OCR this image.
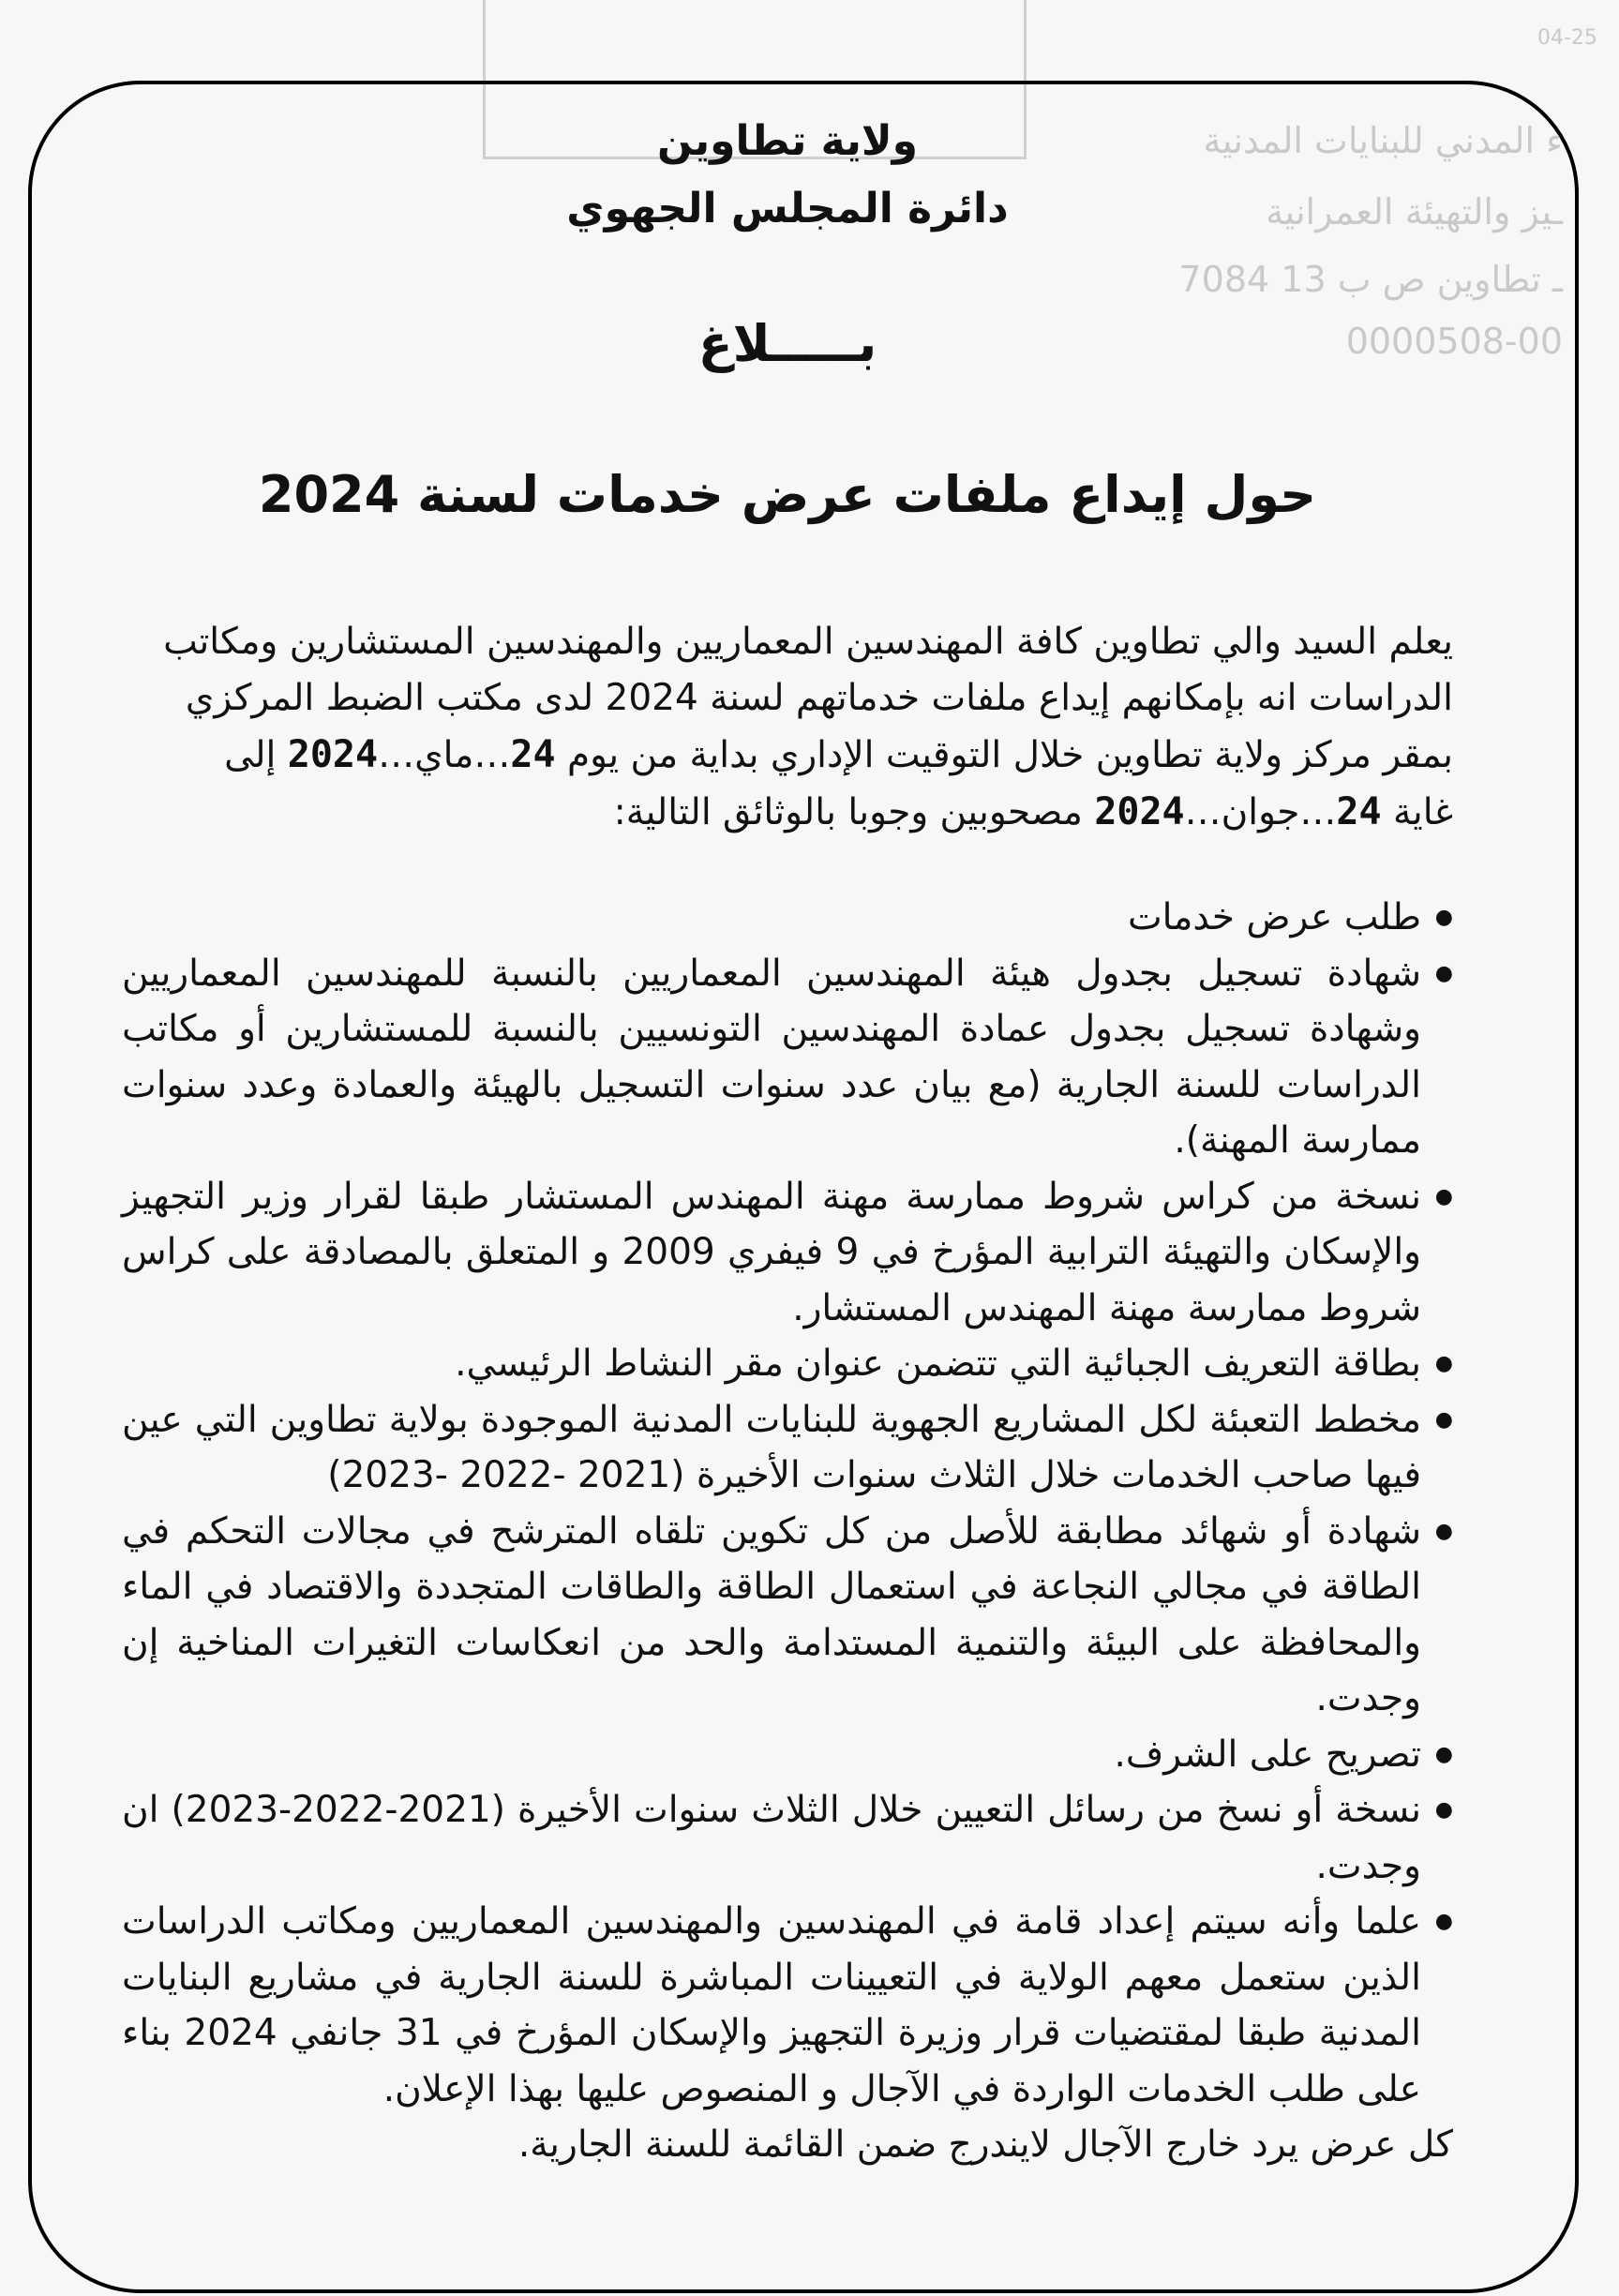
04-25
ء المدني للبنايات المدنية
ـيز والتهيئة العمرانية
ـ تطاوين ص ب 13 7084
0000508-00
ولاية تطاوين
دائرة المجلس الجهوي
بـــــلاغ
حول إيداع ملفات عرض خدمات لسنة 2024

يعلم السيد والي تطاوين كافة المهندسين المعماريين والمهندسين المستشارين ومكاتب

الدراسات انه بإمكانهم إيداع ملفات خدماتهم لسنة 2024 لدى مكتب الضبط المركزي

بمقر مركز ولاية تطاوين خلال التوقيت الإداري بداية من يوم 24…ماي…2024 إلى

غاية 24…جوان…2024 مصحوبين وجوبا بالوثائق التالية:

● طلب عرض خدمات
● شهادة تسجيل بجدول هيئة المهندسين المعماريين بالنسبة للمهندسين المعماريين وشهادة تسجيل بجدول عمادة المهندسين التونسيين بالنسبة للمستشارين أو مكاتب الدراسات للسنة الجارية (مع بيان عدد سنوات التسجيل بالهيئة والعمادة وعدد سنوات ممارسة المهنة).
● نسخة من كراس شروط ممارسة مهنة المهندس المستشار طبقا لقرار وزير التجهيز والإسكان والتهيئة الترابية المؤرخ في 9 فيفري 2009 و المتعلق بالمصادقة على كراس شروط ممارسة مهنة المهندس المستشار.
● بطاقة التعريف الجبائية التي تتضمن عنوان مقر النشاط الرئيسي.
● مخطط التعبئة لكل المشاريع الجهوية للبنايات المدنية الموجودة بولاية تطاوين التي عين فيها صاحب الخدمات خلال الثلاث سنوات الأخيرة (2021 -2022 -2023)
● شهادة أو شهائد مطابقة للأصل من كل تكوين تلقاه المترشح في مجالات التحكم في الطاقة في مجالي النجاعة في استعمال الطاقة والطاقات المتجددة والاقتصاد في الماء والمحافظة على البيئة والتنمية المستدامة والحد من انعكاسات التغيرات المناخية إن وجدت.
● تصريح على الشرف.
● نسخة أو نسخ من رسائل التعيين خلال الثلاث سنوات الأخيرة (2021-2022-2023) ان وجدت.
● علما وأنه سيتم إعداد قامة في المهندسين والمهندسين المعماريين ومكاتب الدراسات الذين ستعمل معهم الولاية في التعيينات المباشرة للسنة الجارية في مشاريع البنايات المدنية طبقا لمقتضيات قرار وزيرة التجهيز والإسكان المؤرخ في 31 جانفي 2024 بناء على طلب الخدمات الواردة في الآجال و المنصوص عليها بهذا الإعلان.

كل عرض يرد خارج الآجال لايندرج ضمن القائمة للسنة الجارية.
